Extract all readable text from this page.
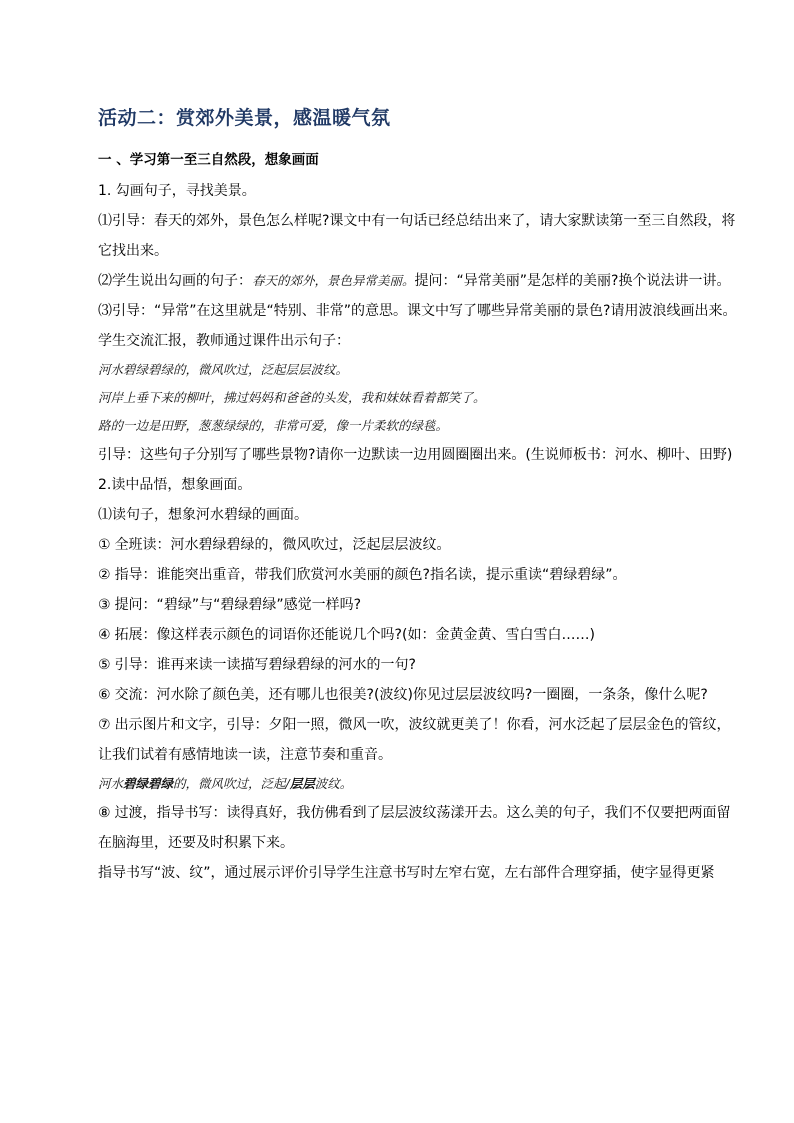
活动二：赏郊外美景，感温暖气氛
一 、学习第一至三自然段，想象画面

1. 勾画句子，寻找美景。

⑴引导：春天的郊外，景色怎么样呢?课文中有一句话已经总结出来了，请大家默读第一至三自然段，将它找出来。

⑵学生说出勾画的句子：春天的郊外，景色异常美丽。提问：“异常美丽”是怎样的美丽?换个说法讲一讲。

⑶引导：“异常”在这里就是“特别、非常”的意思。课文中写了哪些异常美丽的景色?请用波浪线画出来。

学生交流汇报，教师通过课件出示句子：

河水碧绿碧绿的，微风吹过，泛起层层波纹。

河岸上垂下来的柳叶，拂过妈妈和爸爸的头发，我和妹妹看着都笑了。

路的一边是田野，葱葱绿绿的，非常可爱，像一片柔软的绿毯。

引导：这些句子分别写了哪些景物?请你一边默读一边用圆圈圈出来。(生说师板书：河水、柳叶、田野)

2.读中品悟，想象画面。

⑴读句子，想象河水碧绿的画面。

① 全班读：河水碧绿碧绿的，微风吹过，泛起层层波纹。

② 指导：谁能突出重音，带我们欣赏河水美丽的颜色?指名读，提示重读“碧绿碧绿”。

③ 提问：“碧绿”与“碧绿碧绿”感觉一样吗?

④ 拓展：像这样表示颜色的词语你还能说几个吗?(如：金黄金黄、雪白雪白……)

⑤ 引导：谁再来读一读描写碧绿碧绿的河水的一句?

⑥ 交流：河水除了颜色美，还有哪儿也很美?(波纹)你见过层层波纹吗?一圈圈，一条条，像什么呢?

⑦ 出示图片和文字，引导：夕阳一照，微风一吹，波纹就更美了！你看，河水泛起了层层金色的管纹，让我们试着有感情地读一读，注意节奏和重音。

河水碧绿碧绿的，微风吹过，泛起/层层波纹。

⑧ 过渡，指导书写：读得真好，我仿佛看到了层层波纹荡漾开去。这么美的句子，我们不仅要把两面留在脑海里，还要及时积累下来。

指导书写“波、纹”，通过展示评价引导学生注意书写时左窄右宽，左右部件合理穿插，使字显得更紧
